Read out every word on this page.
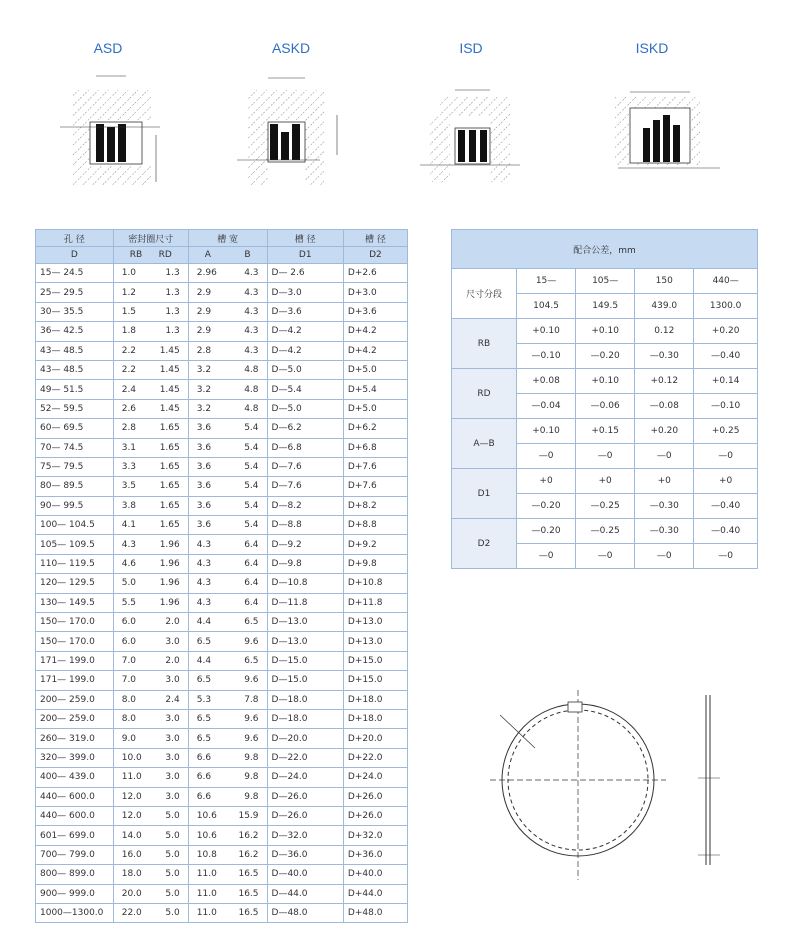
ASD	ASKD	ISD	ISKD
孔 径	密封圈尺寸	槽 宽	槽 径	槽 径
D	RB RD	A B	D1	D2
15— 24.5	1.0 1.3	2.96 4.3	D— 2.6	D+2.6
25— 29.5	1.2 1.3	2.9 4.3	D—3.0	D+3.0
30— 35.5	1.5 1.3	2.9 4.3	D—3.6	D+3.6
36— 42.5	1.8 1.3	2.9 4.3	D—4.2	D+4.2
43— 48.5	2.2 1.45	2.8 4.3	D—4.2	D+4.2
43— 48.5	2.2 1.45	3.2 4.8	D—5.0	D+5.0
49— 51.5	2.4 1.45	3.2 4.8	D—5.4	D+5.4
52— 59.5	2.6 1.45	3.2 4.8	D—5.0	D+5.0
60— 69.5	2.8 1.65	3.6 5.4	D—6.2	D+6.2
70— 74.5	3.1 1.65	3.6 5.4	D—6.8	D+6.8
75— 79.5	3.3 1.65	3.6 5.4	D—7.6	D+7.6
80— 89.5	3.5 1.65	3.6 5.4	D—7.6	D+7.6
90— 99.5	3.8 1.65	3.6 5.4	D—8.2	D+8.2
100— 104.5	4.1 1.65	3.6 5.4	D—8.8	D+8.8
105— 109.5	4.3 1.96	4.3 6.4	D—9.2	D+9.2
110— 119.5	4.6 1.96	4.3 6.4	D—9.8	D+9.8
120— 129.5	5.0 1.96	4.3 6.4	D—10.8	D+10.8
130— 149.5	5.5 1.96	4.3 6.4	D—11.8	D+11.8
150— 170.0	6.0 2.0	4.4 6.5	D—13.0	D+13.0
150— 170.0	6.0 3.0	6.5 9.6	D—13.0	D+13.0
171— 199.0	7.0 2.0	4.4 6.5	D—15.0	D+15.0
171— 199.0	7.0 3.0	6.5 9.6	D—15.0	D+15.0
200— 259.0	8.0 2.4	5.3 7.8	D—18.0	D+18.0
200— 259.0	8.0 3.0	6.5 9.6	D—18.0	D+18.0
260— 319.0	9.0 3.0	6.5 9.6	D—20.0	D+20.0
320— 399.0	10.0 3.0	6.6 9.8	D—22.0	D+22.0
400— 439.0	11.0 3.0	6.6 9.8	D—24.0	D+24.0
440— 600.0	12.0 3.0	6.6 9.8	D—26.0	D+26.0
440— 600.0	12.0 5.0	10.6 15.9	D—26.0	D+26.0
601— 699.0	14.0 5.0	10.6 16.2	D—32.0	D+32.0
700— 799.0	16.0 5.0	10.8 16.2	D—36.0	D+36.0
800— 899.0	18.0 5.0	11.0 16.5	D—40.0	D+40.0
900— 999.0	20.0 5.0	11.0 16.5	D—44.0	D+44.0
1000—1300.0	22.0 5.0	11.0 16.5	D—48.0	D+48.0
配合公差，mm				
尺寸分段	15—	105—	150	440—
	104.5	149.5	439.0	1300.0
RB	+0.10	+0.10	0.12	+0.20
	—0.10	—0.20	—0.30	—0.40
RD	+0.08	+0.10	+0.12	+0.14
	—0.04	—0.06	—0.08	—0.10
A—B	+0.10	+0.15	+0.20	+0.25
	—0	—0	—0	—0
D1	+0	+0	+0	+0
	—0.20	—0.25	—0.30	—0.40
D2	—0.20	—0.25	—0.30	—0.40
	—0	—0	—0	—0
